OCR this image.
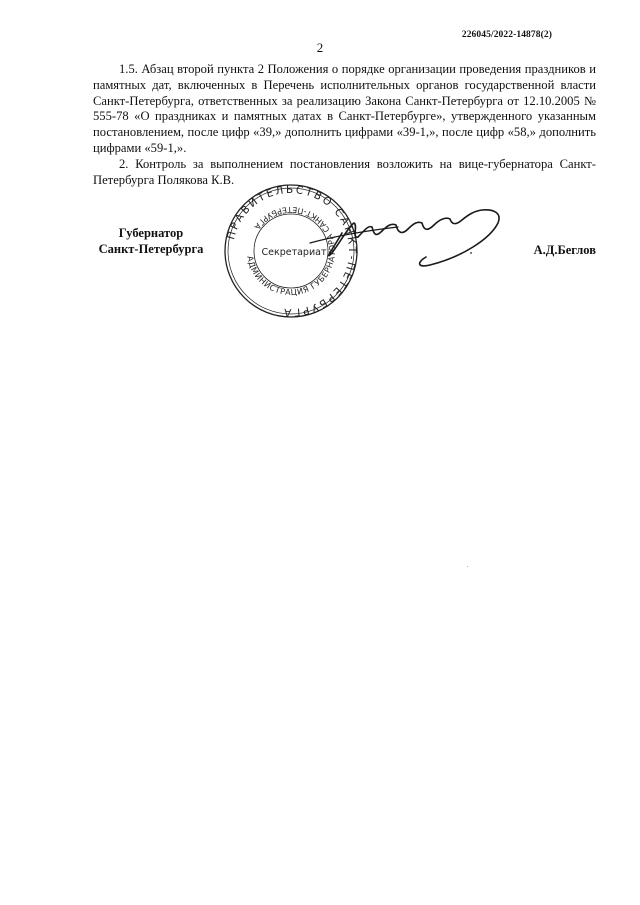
226045/2022-14878(2)
2

1.5. Абзац второй пункта 2 Положения о порядке организации проведения праздников и памятных дат, включенных в Перечень исполнительных органов государственной власти Санкт-Петербурга, ответственных за реализацию Закона Санкт-Петербурга от 12.10.2005 № 555-78 «О праздниках и памятных датах в Санкт-Петербурге», утвержденного указанным постановлением, после цифр «39,» дополнить цифрами «39-1,», после цифр «58,» дополнить цифрами «59-1,».

2. Контроль за выполнением постановления возложить на вице-губернатора Санкт-Петербурга Полякова К.В.

Губернатор
Санкт-Петербурга
ПРАВИТЕЛЬСТВО САНКТ-ПЕТЕРБУРГА
АДМИНИСТРАЦИЯ ГУБЕРНАТОРА САНКТ-ПЕТЕРБУРГА
Секретариат	А.Д.Беглов
